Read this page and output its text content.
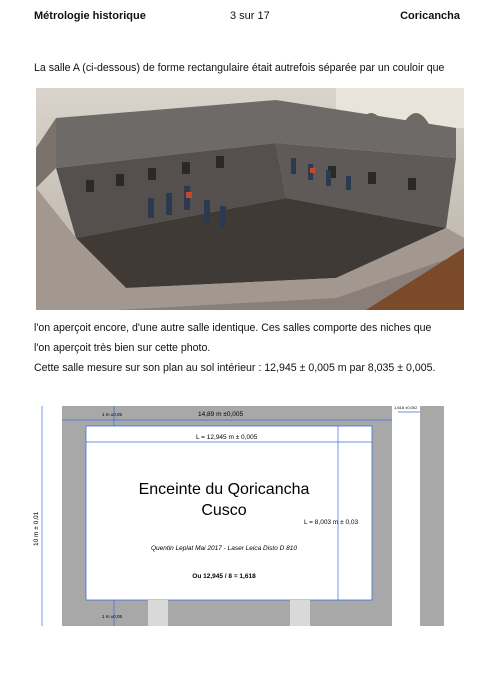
Métrologie historique	3 sur 17	Coricancha
La salle A (ci-dessous) de forme rectangulaire était autrefois séparée par un couloir que
l'on aperçoit encore, d'une autre salle identique. Ces salles comporte des niches que
l'on aperçoit très bien sur cette photo.
Cette salle mesure sur son plan au sol intérieur : 12,945 ± 0,005 m par 8,035 ± 0,005.
1 m ±0,05	14,89 m ±0,005
L = 12,945 m ± 0,005
L = 8,003 m ± 0,03
1,618 ±0,002
1 m ±0,05
10 m ± 0,01
Enceinte du Qoricancha
Cusco
Quentin Leplat Mai 2017 - Laser Leica Disto D 810
Ou 12,945 / 8 = 1,618
